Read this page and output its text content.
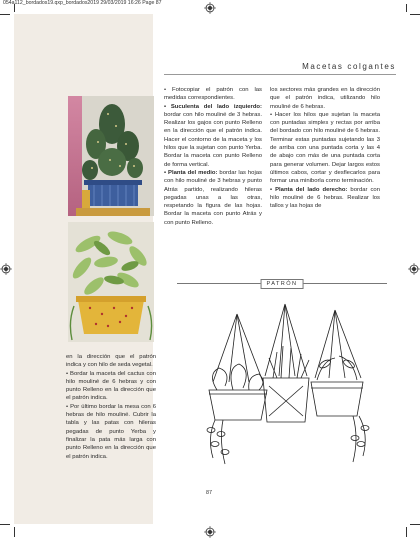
054a112_bordados19.qxp_bordados2019 29/03/2019 16:26 Page 87
Macetas colgantes

• Fotocopiar el patrón con las medidas correspondientes.

• Suculenta del lado izquierdo: bordar con hilo mouliné de 3 hebras. Realizar los gajos con punto Relleno en la dirección que el patrón indica. Hacer el contorno de la maceta y los hilos que la sujetan con punto Yerba. Bordar la maceta con punto Relleno de forma vertical.

• Planta del medio: bordar las hojas con hilo mouliné de 3 hebras y punto Atrás partido, realizando hileras pegadas unas a las otras, respetando la figura de las hojas. Bordar la maceta con punto Atrás y con punto Relleno.

los sectores más grandes en la dirección que el patrón indica, utilizando hilo mouliné de 6 hebras.

• Hacer los hilos que sujetan la maceta con puntadas simples y rectas por arriba del bordado con hilo mouliné de 6 hebras. Terminar estas puntadas sujetando las 3 de arriba con una puntada corta y las 4 de abajo con más de una puntada corta para generar volumen. Dejar largos estos últimos cabos, cortar y desflecarlos para formar una miniborla como terminación.

• Planta del lado derecho: bordar con hilo mouliné de 6 hebras. Realizar los tallos y las hojas de

en la dirección que el patrón indica y con hilo de seda vegetal.

• Bordar la maceta del cactus con hilo mouliné de 6 hebras y con punto Relleno en la dirección que el patrón indica.

• Por último bordar la mesa con 6 hebras de hilo mouliné. Cubrir la tabla y las patas con hileras pegadas de punto Yerba y finalizar la pata más larga con punto Relleno en la dirección que el patrón indica.

PATRÓN
87
